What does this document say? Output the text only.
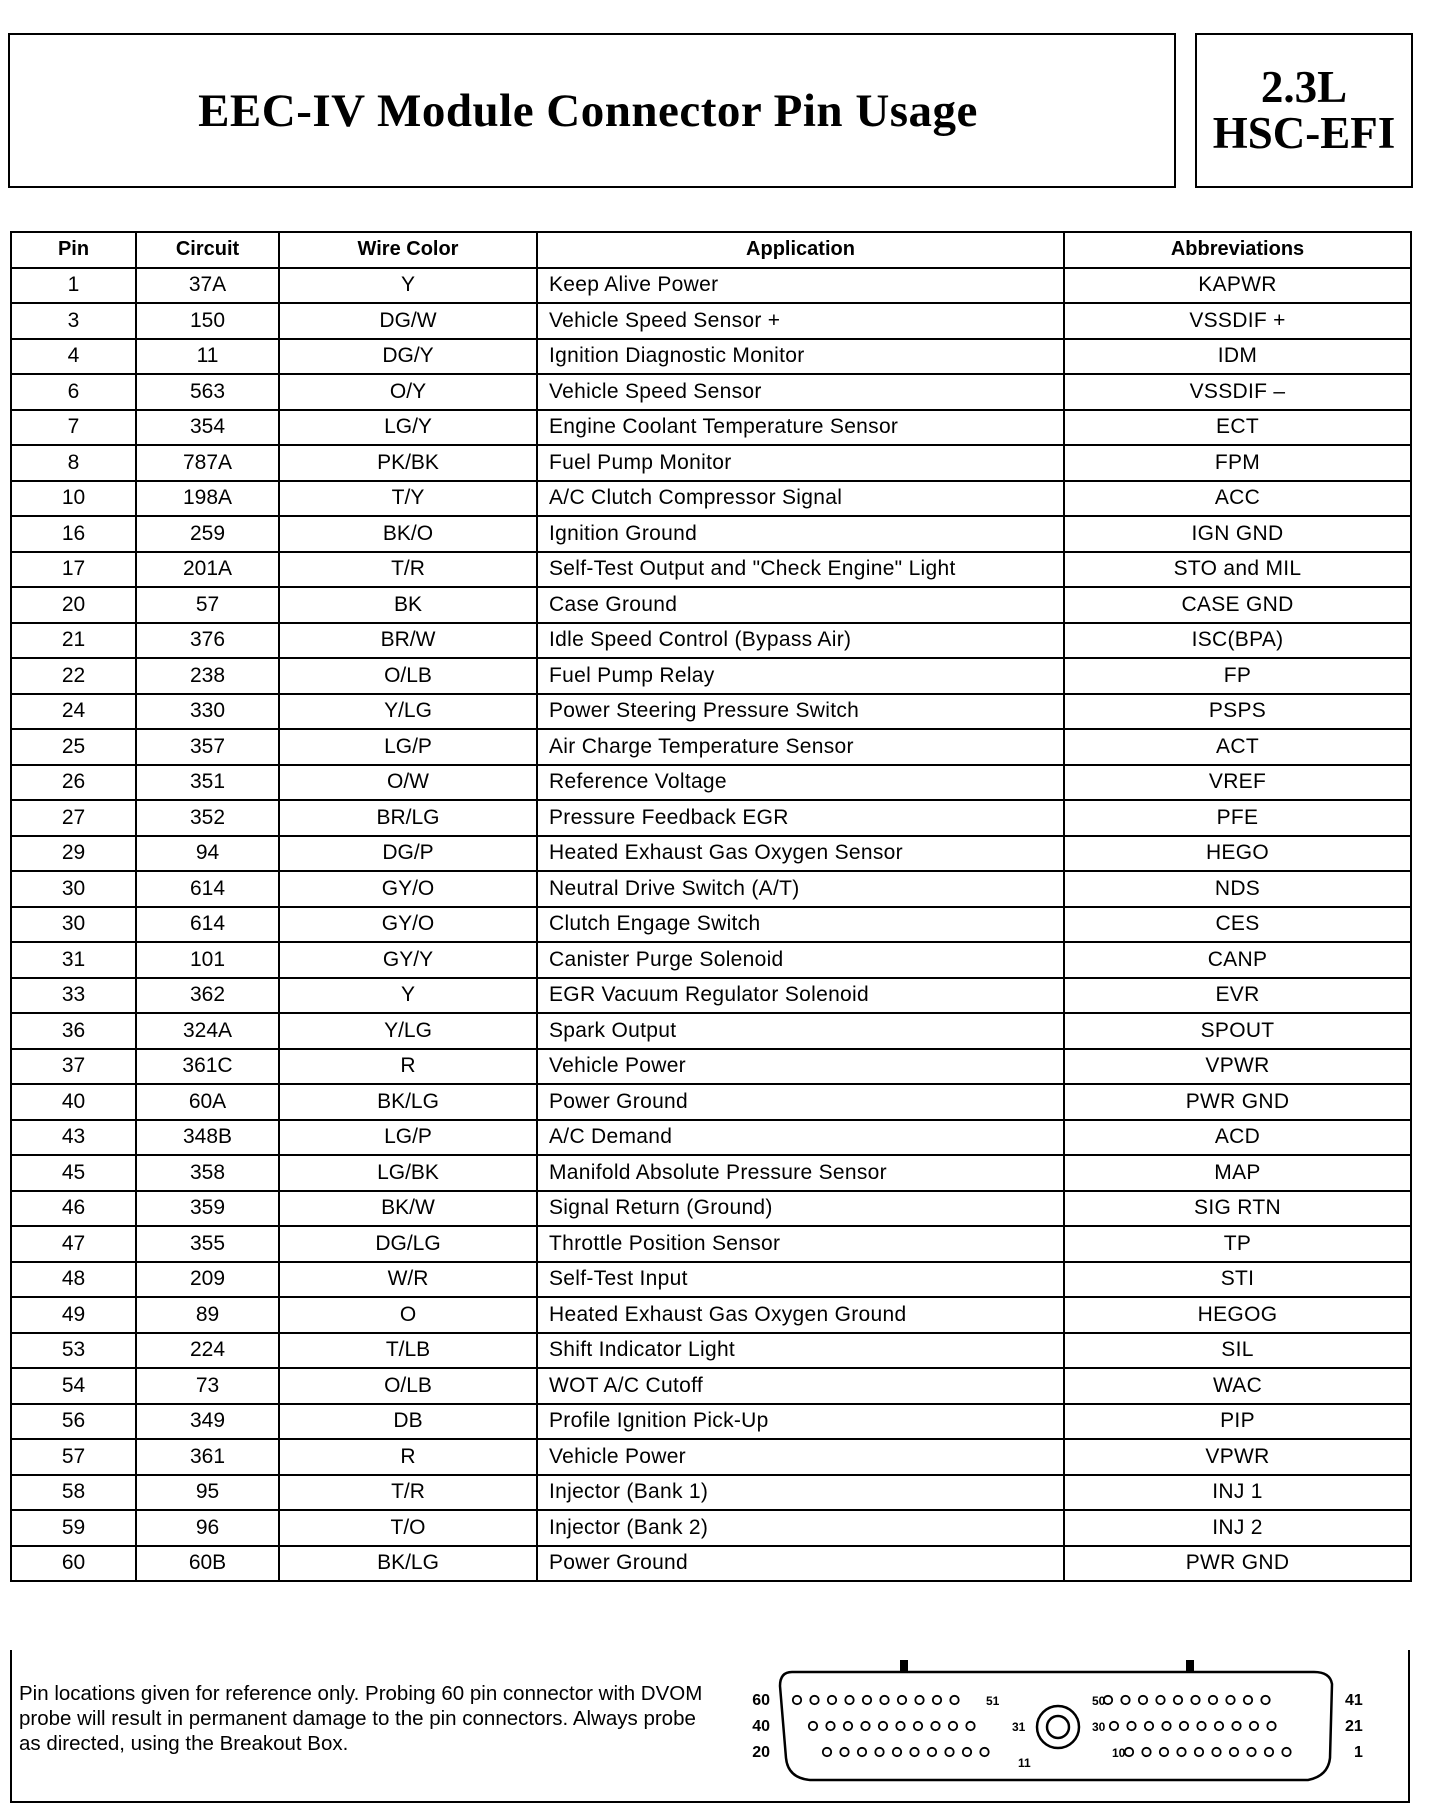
EEC-IV Module Connector Pin Usage	2.3L
HSC-EFI
Pin	Circuit	Wire Color	Application	Abbreviations
1	37A	Y	Keep Alive Power	KAPWR
3	150	DG/W	Vehicle Speed Sensor +	VSSDIF +
4	11	DG/Y	Ignition Diagnostic Monitor	IDM
6	563	O/Y	Vehicle Speed Sensor	VSSDIF –
7	354	LG/Y	Engine Coolant Temperature Sensor	ECT
8	787A	PK/BK	Fuel Pump Monitor	FPM
10	198A	T/Y	A/C Clutch Compressor Signal	ACC
16	259	BK/O	Ignition Ground	IGN GND
17	201A	T/R	Self-Test Output and "Check Engine" Light	STO and MIL
20	57	BK	Case Ground	CASE GND
21	376	BR/W	Idle Speed Control (Bypass Air)	ISC(BPA)
22	238	O/LB	Fuel Pump Relay	FP
24	330	Y/LG	Power Steering Pressure Switch	PSPS
25	357	LG/P	Air Charge Temperature Sensor	ACT
26	351	O/W	Reference Voltage	VREF
27	352	BR/LG	Pressure Feedback EGR	PFE
29	94	DG/P	Heated Exhaust Gas Oxygen Sensor	HEGO
30	614	GY/O	Neutral Drive Switch (A/T)	NDS
30	614	GY/O	Clutch Engage Switch	CES
31	101	GY/Y	Canister Purge Solenoid	CANP
33	362	Y	EGR Vacuum Regulator Solenoid	EVR
36	324A	Y/LG	Spark Output	SPOUT
37	361C	R	Vehicle Power	VPWR
40	60A	BK/LG	Power Ground	PWR GND
43	348B	LG/P	A/C Demand	ACD
45	358	LG/BK	Manifold Absolute Pressure Sensor	MAP
46	359	BK/W	Signal Return (Ground)	SIG RTN
47	355	DG/LG	Throttle Position Sensor	TP
48	209	W/R	Self-Test Input	STI
49	89	O	Heated Exhaust Gas Oxygen Ground	HEGOG
53	224	T/LB	Shift Indicator Light	SIL
54	73	O/LB	WOT A/C Cutoff	WAC
56	349	DB	Profile Ignition Pick-Up	PIP
57	361	R	Vehicle Power	VPWR
58	95	T/R	Injector (Bank 1)	INJ 1
59	96	T/O	Injector (Bank 2)	INJ 2
60	60B	BK/LG	Power Ground	PWR GND
Pin locations given for reference only. Probing 60 pin connector with DVOM probe will result in permanent damage to the pin connectors. Always probe as directed, using the Breakout Box.
60
40
20
41
21
1
51
31
11
50
30
10
